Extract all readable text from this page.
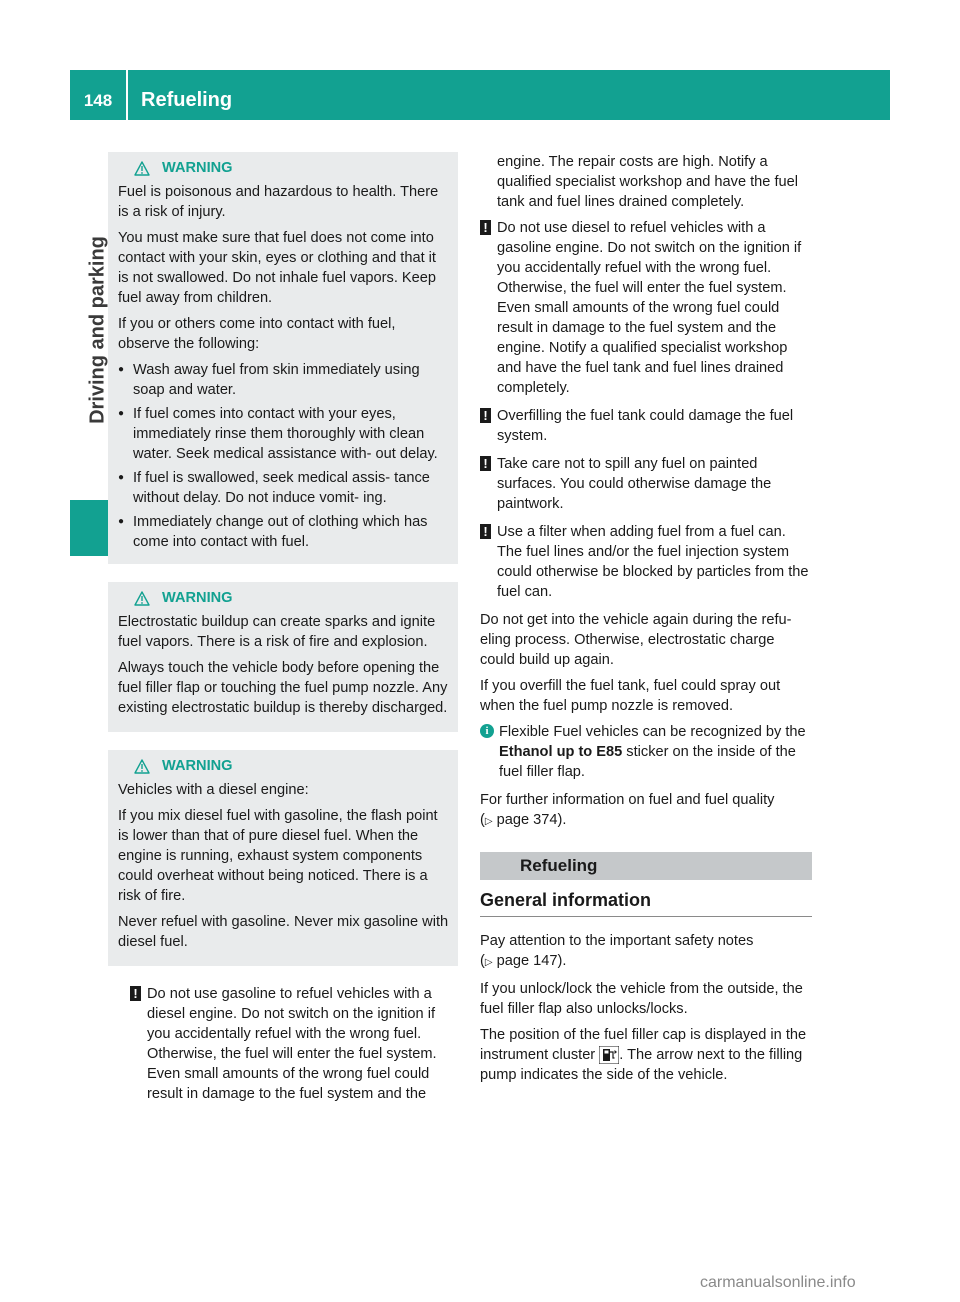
148	Refueling
Driving and parking
WARNING

Fuel is poisonous and hazardous to health. There is a risk of injury.

You must make sure that fuel does not come into contact with your skin, eyes or clothing and that it is not swallowed. Do not inhale fuel vapors. Keep fuel away from children.

If you or others come into contact with fuel, observe the following:

● Wash away fuel from skin immediately using soap and water.
● If fuel comes into contact with your eyes, immediately rinse them thoroughly with clean water. Seek medical assistance with- out delay.
● If fuel is swallowed, seek medical assis- tance without delay. Do not induce vomit- ing.
● Immediately change out of clothing which has come into contact with fuel.
WARNING

Electrostatic buildup can create sparks and ignite fuel vapors. There is a risk of fire and explosion.

Always touch the vehicle body before opening the fuel filler flap or touching the fuel pump nozzle. Any existing electrostatic buildup is thereby discharged.

WARNING

Vehicles with a diesel engine:

If you mix diesel fuel with gasoline, the flash point is lower than that of pure diesel fuel. When the engine is running, exhaust system components could overheat without being noticed. There is a risk of fire.

Never refuel with gasoline. Never mix gasoline with diesel fuel.

! Do not use gasoline to refuel vehicles with a diesel engine. Do not switch on the ignition if you accidentally refuel with the wrong fuel. Otherwise, the fuel will enter the fuel system. Even small amounts of the wrong fuel could result in damage to the fuel system and the

engine. The repair costs are high. Notify a qualified specialist workshop and have the fuel tank and fuel lines drained completely.

! Do not use diesel to refuel vehicles with a gasoline engine. Do not switch on the ignition if you accidentally refuel with the wrong fuel. Otherwise, the fuel will enter the fuel system. Even small amounts of the wrong fuel could result in damage to the fuel system and the engine. Notify a qualified specialist workshop and have the fuel tank and fuel lines drained completely.
! Overfilling the fuel tank could damage the fuel system.
! Take care not to spill any fuel on painted surfaces. You could otherwise damage the paintwork.
! Use a filter when adding fuel from a fuel can. The fuel lines and/or the fuel injection system could otherwise be blocked by particles from the fuel can.

Do not get into the vehicle again during the refu- eling process. Otherwise, electrostatic charge could build up again.

If you overfill the fuel tank, fuel could spray out when the fuel pump nozzle is removed.

i Flexible Fuel vehicles can be recognized by the Ethanol up to E85 sticker on the inside of the fuel filler flap.

For further information on fuel and fuel quality
(▷ page 374).

Refueling
General information

Pay attention to the important safety notes
(▷ page 147).

If you unlock/lock the vehicle from the outside, the fuel filler flap also unlocks/locks.

The position of the fuel filler cap is displayed in the instrument cluster . The arrow next to the filling pump indicates the side of the vehicle.

carmanualsonline.info
